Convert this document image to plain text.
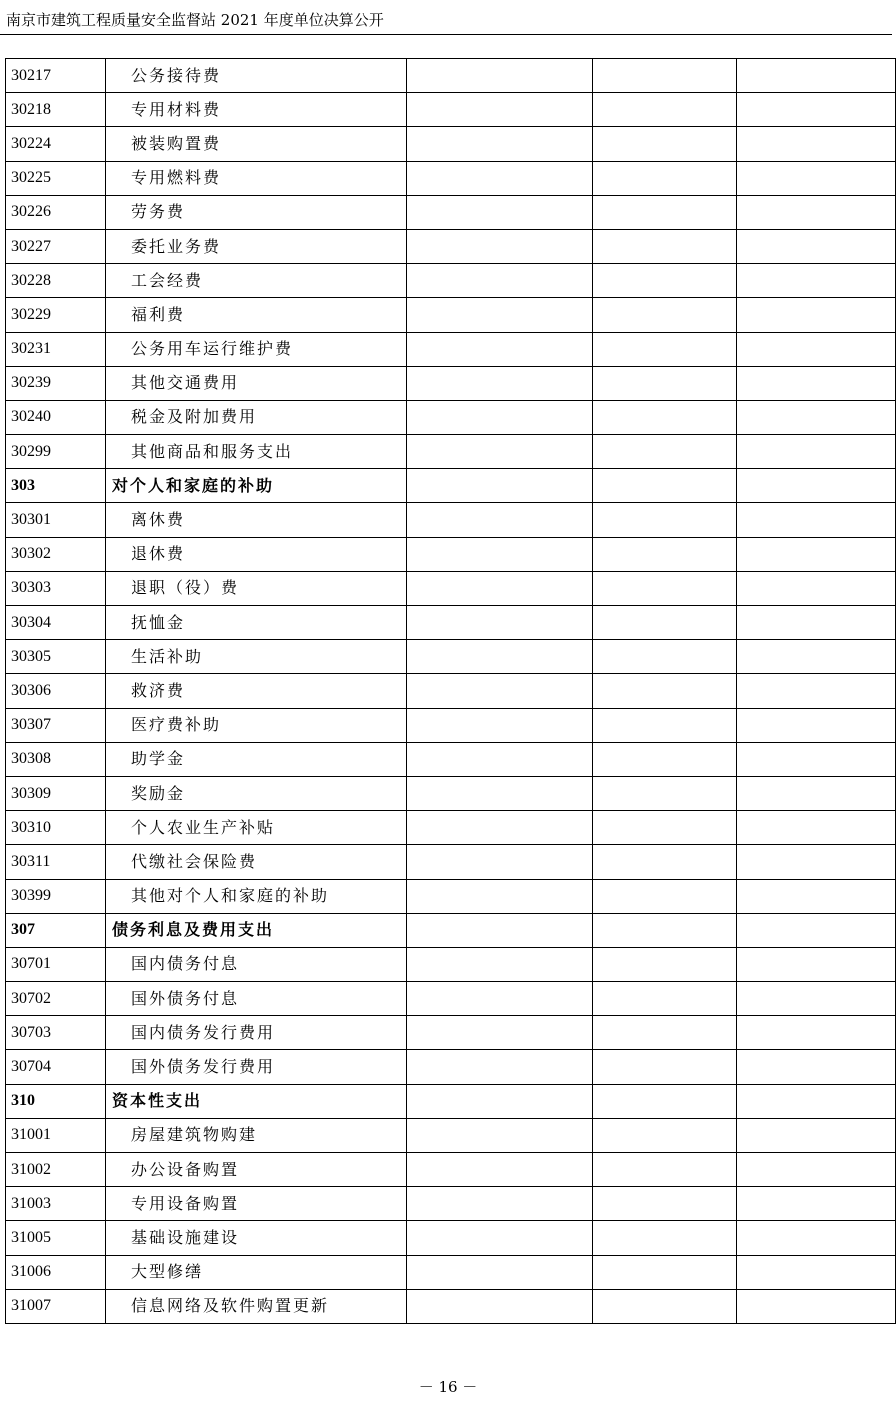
南京市建筑工程质量安全监督站 2021 年度单位决算公开
30217	公务接待费			
30218	专用材料费			
30224	被装购置费			
30225	专用燃料费			
30226	劳务费			
30227	委托业务费			
30228	工会经费			
30229	福利费			
30231	公务用车运行维护费			
30239	其他交通费用			
30240	税金及附加费用			
30299	其他商品和服务支出			
303	对个人和家庭的补助			
30301	离休费			
30302	退休费			
30303	退职（役）费			
30304	抚恤金			
30305	生活补助			
30306	救济费			
30307	医疗费补助			
30308	助学金			
30309	奖励金			
30310	个人农业生产补贴			
30311	代缴社会保险费			
30399	其他对个人和家庭的补助			
307	债务利息及费用支出			
30701	国内债务付息			
30702	国外债务付息			
30703	国内债务发行费用			
30704	国外债务发行费用			
310	资本性支出			
31001	房屋建筑物购建			
31002	办公设备购置			
31003	专用设备购置			
31005	基础设施建设			
31006	大型修缮			
31007	信息网络及软件购置更新			
－ 16 －
